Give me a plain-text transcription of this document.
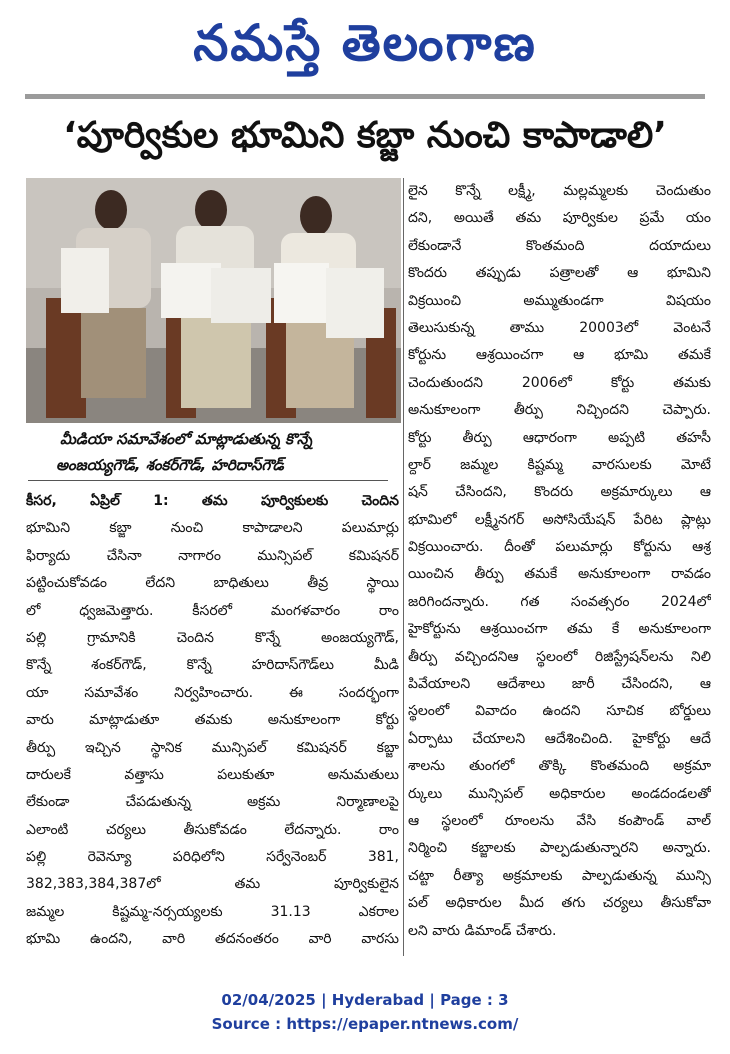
నమస్తే తెలంగాణ
‘పూర్వికుల భూమిని కబ్జా నుంచి కాపాడాలి’
మీడియా సమావేశంలో మాట్లాడుతున్న కొన్నే
అంజయ్యగౌడ్, శంకర్‌గౌడ్, హరిదాస్‌గౌడ్
కీసర, ఏప్రిల్ 1: తమ పూర్వికులకు చెందిన
భూమిని కబ్జా నుంచి కాపాడాలని పలుమార్లు
ఫిర్యాదు చేసినా నాగారం మున్సిపల్ కమిషనర్
పట్టించుకోవడం లేదని బాధితులు తీవ్ర స్థాయి
లో ధ్వజమెత్తారు. కీసరలో మంగళవారం రాం
పల్లి గ్రామానికి చెందిన కొన్నే అంజయ్యగౌడ్,
కొన్నే శంకర్‌గౌడ్, కొన్నే హరిదాస్‌గౌడ్‌లు మీడి
యా సమావేశం నిర్వహించారు. ఈ సందర్భంగా
వారు మాట్లాడుతూ తమకు అనుకూలంగా కోర్టు
తీర్పు ఇచ్చిన స్థానిక మున్సిపల్ కమిషనర్ కబ్జా
దారులకే వత్తాసు పలుకుతూ అనుమతులు
లేకుండా చేపడుతున్న అక్రమ నిర్మాణాలపై
ఎలాంటి చర్యలు తీసుకోవడం లేదన్నారు. రాం
పల్లి రెవెన్యూ పరిధిలోని సర్వేనెంబర్ 381,
382,383,384,387లో తమ పూర్వికులైన
జమ్మల కిష్టమ్మ-నర్సయ్యలకు 31.13 ఎకరాల
భూమి ఉందని, వారి తదనంతరం వారి వారసు
లైన కొన్నే లక్ష్మీ, మల్లమ్మలకు చెందుతుం
దని, అయితే తమ పూర్వికుల ప్రమే యం
లేకుండానే కొంతమంది దయాదులు
కొందరు తప్పుడు పత్రాలతో ఆ భూమిని
విక్రయించి అమ్ముతుండగా విషయం
తెలుసుకున్న తాము 20003లో వెంటనే
కోర్టును ఆశ్రయించగా ఆ భూమి తమకే
చెందుతుందని 2006లో కోర్టు తమకు
అనుకూలంగా తీర్పు నిచ్చిందని చెప్పారు.
కోర్టు తీర్పు ఆధారంగా అప్పటి తహసీ
ల్దార్ జమ్మల కిష్టమ్మ వారసులకు మోటే
షన్ చేసిందని, కొందరు అక్రమార్కులు ఆ
భూమిలో లక్ష్మీనగర్ అసోసియేషన్ పేరిట ప్లాట్లు
విక్రయించారు. దీంతో పలుమార్లు కోర్టును ఆశ్ర
యించిన తీర్పు తమకే అనుకూలంగా రావడం
జరిగిందన్నారు. గత సంవత్సరం 2024లో
హైకోర్టును ఆశ్రయించగా తమ కే అనుకూలంగా
తీర్పు వచ్చిందనిఆ స్థలంలో రిజిస్ట్రేషన్‌లను నిలి
పివేయాలని ఆదేశాలు జారీ చేసిందని, ఆ
స్థలంలో వివాదం ఉందని సూచిక బోర్డులు
ఏర్పాటు చేయాలని ఆదేశించింది. హైకోర్టు ఆదే
శాలను తుంగలో తొక్కి కొంతమంది అక్రమా
ర్కులు మున్సిపల్ అధికారుల అండదండలతో
ఆ స్థలంలో రూంలను వేసి కంపౌండ్ వాల్
నిర్మించి కబ్జాలకు పాల్పడుతున్నారని అన్నారు.
చట్టా రీత్యా అక్రమాలకు పాల్పడుతున్న మున్సి
పల్ అధికారుల మీద తగు చర్యలు తీసుకోవా
లని వారు డిమాండ్ చేశారు.
02/04/2025 | Hyderabad | Page : 3
Source : https://epaper.ntnews.com/
